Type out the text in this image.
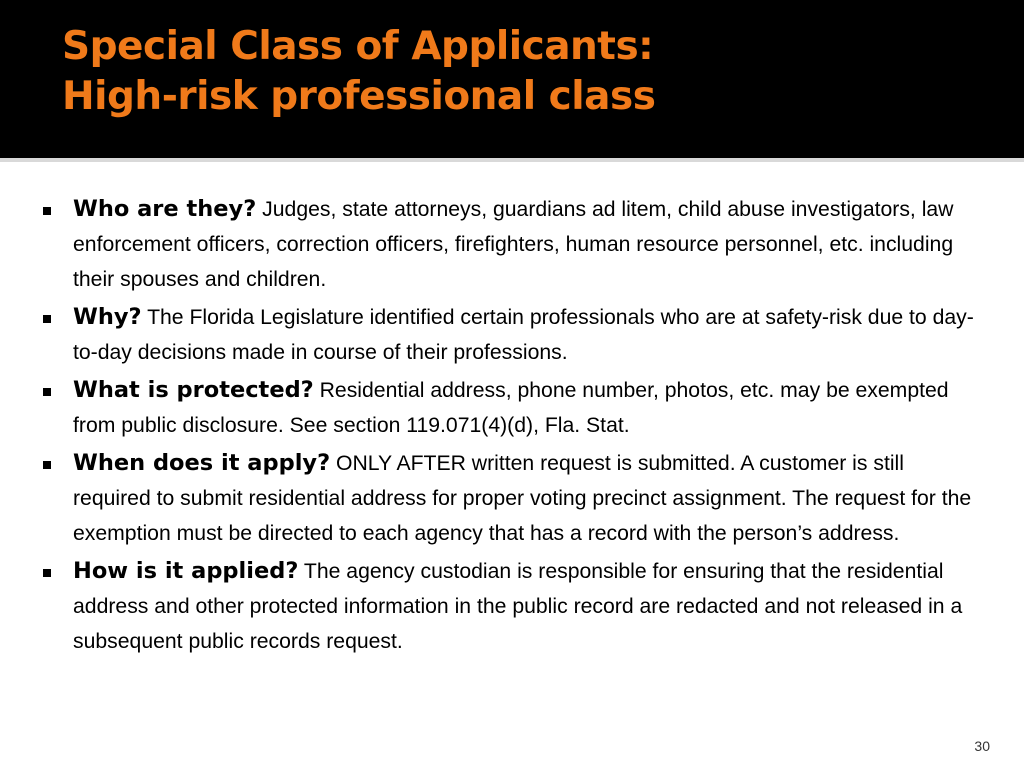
Special Class of Applicants:
High-risk professional class
Who are they? Judges, state attorneys, guardians ad litem, child abuse investigators, law enforcement officers, correction officers, firefighters, human resource personnel, etc. including their spouses and children.
Why? The Florida Legislature identified certain professionals who are at safety-risk due to day-to-day decisions made in course of their professions.
What is protected? Residential address, phone number, photos, etc. may be exempted from public disclosure. See section 119.071(4)(d), Fla. Stat.
When does it apply? ONLY AFTER written request is submitted. A customer is still required to submit residential address for proper voting precinct assignment. The request for the exemption must be directed to each agency that has a record with the person’s address.
How is it applied? The agency custodian is responsible for ensuring that the residential address and other protected information in the public record are redacted and not released in a subsequent public records request.
30
